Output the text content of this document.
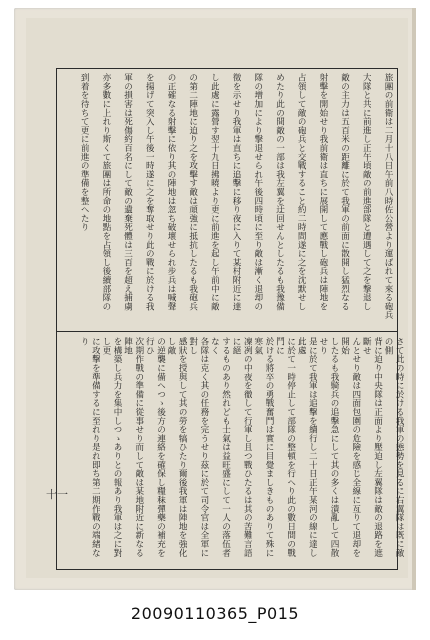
旅團の前衛は二月十八日午前八時佐公營より運ばれて來る砲兵
大隊と共に前進し正午頃敵の前進部隊と遭遇して之を撃退し
敵の主力は五百米の距離に於て我軍の前面に散開し猛烈なる
射擊を開始せり我前衛は直ちに展開して應戰し砲兵は陣地を
占領して敵の砲兵と交戰すること約二時間遂に之を沈默せし
めたり此の間敵の一部は我左翼を迂回せんとしたるも我豫備
隊の增加により撃退せられ午後四時頃に至り敵は漸く退却の
徵を示せり我軍は直ちに追擊に移り夜に入りて某村附近に達
し此處に露營す翌十九日拂曉より更に前進を起し午前中に敵
の第二陣地に迫り之を攻擊す敵は頑強に抵抗したるも我砲兵
の正確なる射擊に依り其の陣地は忽ち破壞せられ步兵は喊聲
を揚げて突入し午後一時遂に之を奪取せり此の戰に於ける我
軍の損害は死傷約百名にして敵の遺棄死體は三百を超え捕虜
亦多數に上れり斯くて旅團は所命の地點を占領し後續部隊の
到着を待ちて更に前進の準備を整へたり
さて此の時に於ける我軍の態勢を見るに右翼隊は既に敵の側
背に迫り中央隊は正面より壓迫し左翼隊は敵の退路を遮斷せ
んとせり敵は四面包圍の危險を感じ全線に亙りて退却を開始
したるも我騎兵の追擊急にして其の多くは潰亂して四散せり
是に於て我軍は追擊を續行し二十日正午某河の線に達し此處
に於て一時停止して部隊の整頓を行へり此の數日間の戰鬥に
於ける將卒の勇戰奮鬥は實に目覺ましきものありて殊に寒氣
凜冽の中夜を徹して行軍し且つ戰ひたるは其の苦難言語に絕
するものあり然れども士氣は益旺盛にして一人の落伍者なく
各隊は克く其の任務を完うせり茲に於て司令官は全軍に對し
感狀を授與して其の勞を犒ひたり爾後我軍は陣地を強化し敵
の逆襲に備へつゝ後方の連絡を確保し糧秣彈藥の補充を行ひ
次期作戰の準備に從事せり而して敵は某地附近に新なる陣地
を構築し兵力を集中しつゝありとの報あり我軍は之に對し更
に攻擊を準備するに至れり是れ即ち第二期作戰の端緒なり
十一
20090110365_P015
